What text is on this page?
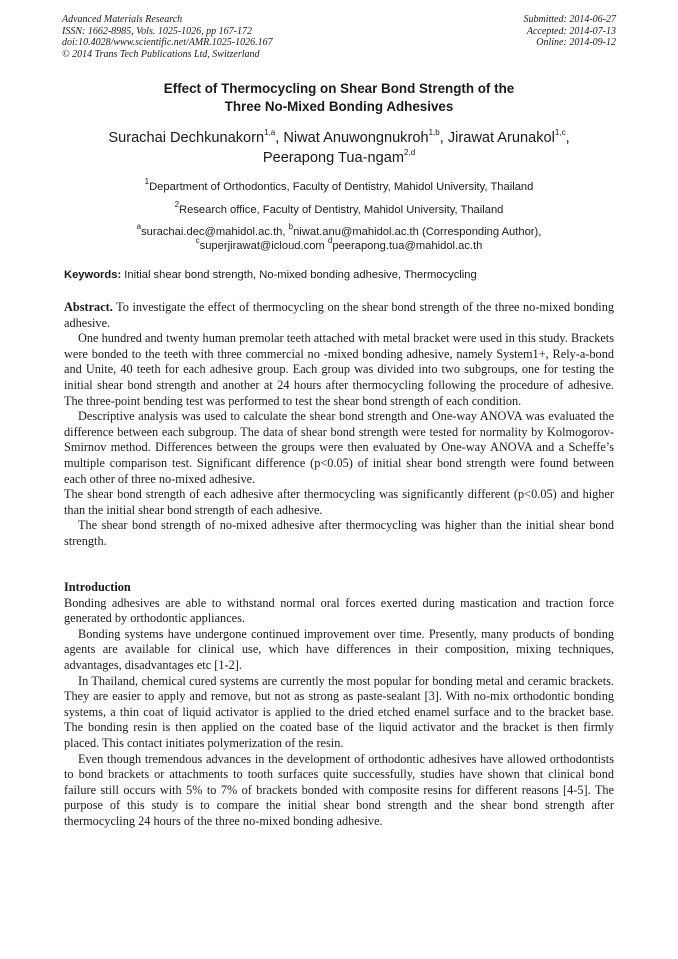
Advanced Materials Research
ISSN: 1662-8985, Vols. 1025-1026, pp 167-172
doi:10.4028/www.scientific.net/AMR.1025-1026.167
© 2014 Trans Tech Publications Ltd, Switzerland
Submitted: 2014-06-27
Accepted: 2014-07-13
Online: 2014-09-12
Effect of Thermocycling on Shear Bond Strength of the
Three No-Mixed Bonding Adhesives
Surachai Dechkunakorn$^{1,a}$, Niwat Anuwongnukroh$^{1,b}$, Jirawat Arunakol$^{1,c}$,
Peerapong Tua-ngam$^{2,d}$
$^1$Department of Orthodontics, Faculty of Dentistry, Mahidol University, Thailand
$^2$Research office, Faculty of Dentistry, Mahidol University, Thailand
$^a$surachai.dec@mahidol.ac.th, $^b$niwat.anu@mahidol.ac.th (Corresponding Author),
$^c$superjirawat@icloud.com $^d$peerapong.tua@mahidol.ac.th
Keywords: Initial shear bond strength, No-mixed bonding adhesive, Thermocycling

Abstract. To investigate the effect of thermocycling on the shear bond strength of the three no-mixed bonding adhesive.

One hundred and twenty human premolar teeth attached with metal bracket were used in this study. Brackets were bonded to the teeth with three commercial no -mixed bonding adhesive, namely System1+, Rely-a-bond and Unite, 40 teeth for each adhesive group. Each group was divided into two subgroups, one for testing the initial shear bond strength and another at 24 hours after thermocycling following the procedure of adhesive. The three-point bending test was performed to test the shear bond strength of each condition.

Descriptive analysis was used to calculate the shear bond strength and One-way ANOVA was evaluated the difference between each subgroup. The data of shear bond strength were tested for normality by Kolmogorov-Smirnov method. Differences between the groups were then evaluated by One-way ANOVA and a Scheffe’s multiple comparison test. Significant difference (p<0.05) of initial shear bond strength were found between each other of three no-mixed adhesive.

The shear bond strength of each adhesive after thermocycling was significantly different (p<0.05) and higher than the initial shear bond strength of each adhesive.

The shear bond strength of no-mixed adhesive after thermocycling was higher than the initial shear bond strength.

Introduction

Bonding adhesives are able to withstand normal oral forces exerted during mastication and traction force generated by orthodontic appliances.

Bonding systems have undergone continued improvement over time. Presently, many products of bonding agents are available for clinical use, which have differences in their composition, mixing techniques, advantages, disadvantages etc [1-2].

In Thailand, chemical cured systems are currently the most popular for bonding metal and ceramic brackets. They are easier to apply and remove, but not as strong as paste-sealant [3]. With no-mix orthodontic bonding systems, a thin coat of liquid activator is applied to the dried etched enamel surface and to the bracket base. The bonding resin is then applied on the coated base of the liquid activator and the bracket is then firmly placed. This contact initiates polymerization of the resin.

Even though tremendous advances in the development of orthodontic adhesives have allowed orthodontists to bond brackets or attachments to tooth surfaces quite successfully, studies have shown that clinical bond failure still occurs with 5% to 7% of brackets bonded with composite resins for different reasons [4-5]. The purpose of this study is to compare the initial shear bond strength and the shear bond strength after thermocycling 24 hours of the three no-mixed bonding adhesive.
